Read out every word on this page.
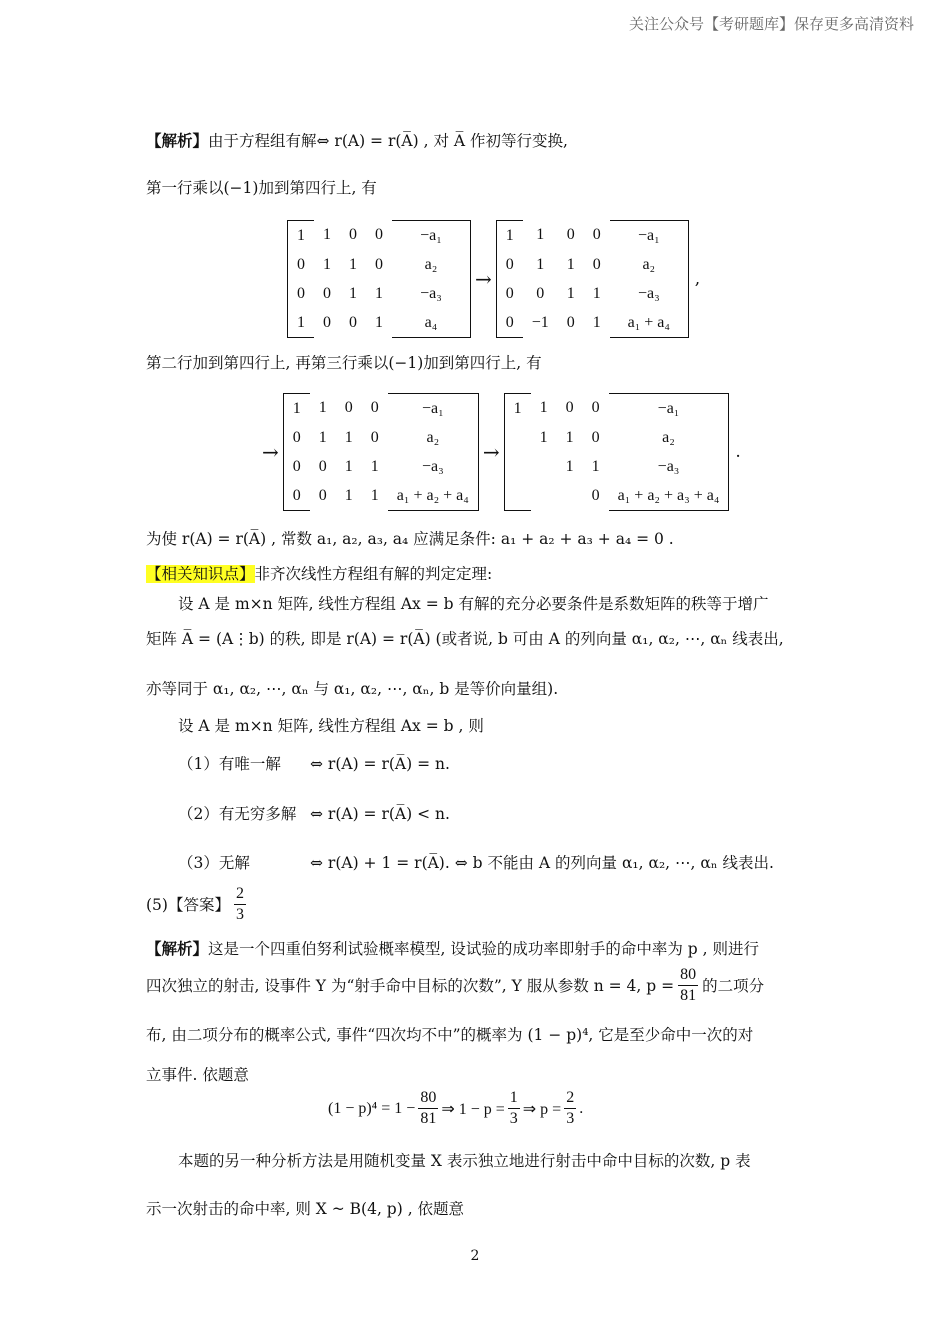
关注公众号【考研题库】保存更多高清资料
【解析】由于方程组有解⇔ r(A) = r(A̅) , 对 A̅ 作初等行变换,
第一行乘以(−1)加到第四行上, 有
1	1	0	0	−a₁
0	1	1	0	a₂
0	0	1	1	−a₃
1	0	0	1	a₄
→
1	1	0	0	−a₁
0	1	1	0	a₂
0	0	1	1	−a₃
0	−1	0	1	a₁ + a₄
,
第二行加到第四行上, 再第三行乘以(−1)加到第四行上, 有
→
1	1	0	0	−a₁
0	1	1	0	a₂
0	0	1	1	−a₃
0	0	1	1	a₁ + a₂ + a₄
→
1	1	0	0	−a₁
	1	1	0	a₂
		1	1	−a₃
			0	a₁ + a₂ + a₃ + a₄
.
为使 r(A) = r(A̅) , 常数 a₁, a₂, a₃, a₄ 应满足条件: a₁ + a₂ + a₃ + a₄ = 0 .
【相关知识点】非齐次线性方程组有解的判定定理:
设 A 是 m×n 矩阵, 线性方程组 Ax = b 有解的充分必要条件是系数矩阵的秩等于增广
矩阵 A̅ = (A⋮b) 的秩, 即是 r(A) = r(A̅) (或者说, b 可由 A 的列向量 α₁, α₂, ⋯, αₙ 线表出,
亦等同于 α₁, α₂, ⋯, αₙ 与 α₁, α₂, ⋯, αₙ, b 是等价向量组).
设 A 是 m×n 矩阵, 线性方程组 Ax = b , 则
（1）有唯一解 ⇔ r(A) = r(A̅) = n.
（2）有无穷多解 ⇔ r(A) = r(A̅) < n.
（3）无解	⇔ r(A) + 1 = r(A̅). ⇔ b 不能由 A 的列向量 α₁, α₂, ⋯, αₙ 线表出.
(5)【答案】 $\frac{2}{3}$
【解析】这是一个四重伯努利试验概率模型, 设试验的成功率即射手的命中率为 p , 则进行
四次独立的射击, 设事件 Y 为“射手命中目标的次数”, Y 服从参数 n = 4, $p = \frac{80}{81}$ 的二项分
布, 由二项分布的概率公式, 事件“四次均不中”的概率为 (1 − p)⁴, 它是至少命中一次的对
立事件. 依题意
$(1 - p)^4 = 1 - \frac{80}{81}$ ⇒ $1 - p = \frac{1}{3}$ ⇒ $p = \frac{2}{3}$ .
本题的另一种分析方法是用随机变量 X 表示独立地进行射击中命中目标的次数, p 表
示一次射击的命中率, 则 X ~ B(4, p) , 依题意
2
